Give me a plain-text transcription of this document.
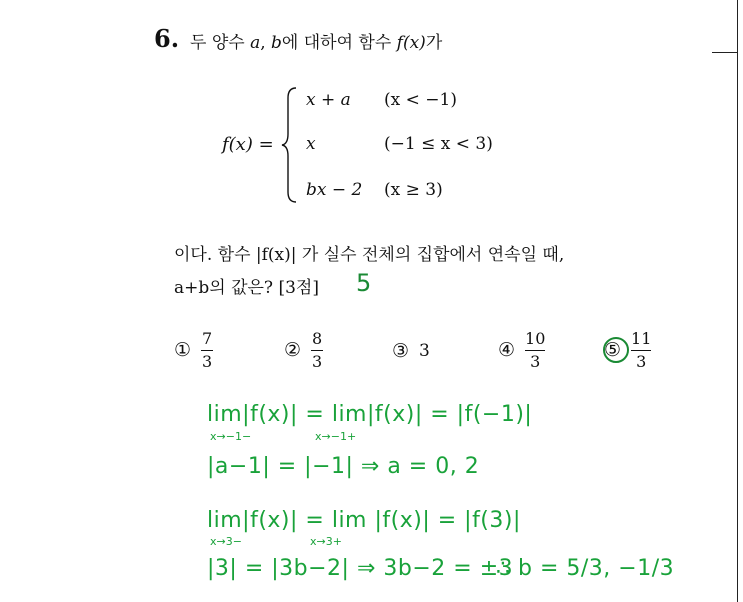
6. 두 양수 a, b에 대하여 함수 f(x)가
f(x) =
x + a (x < −1)
x	(−1 ≤ x < 3)
bx − 2 (x ≥ 3)
이다. 함수 |f(x)| 가 실수 전체의 집합에서 연속일 때,
a+b의 값은? [3점] 5
① $\frac{7}{3}$	② $\frac{8}{3}$	③ 3	④ $\frac{10}{3}$	⑤ $\frac{11}{3}$
lim|f(x)| = lim|f(x)| = |f(−1)|
x→−1−	x→−1+
|a−1| = |−1| ⇒ a = 0, 2
lim|f(x)| = lim |f(x)| = |f(3)|
x→3−	x→3+
|3| = |3b−2| ⇒ 3b−2 = ±3
∴ b = 5/3, −1/3
